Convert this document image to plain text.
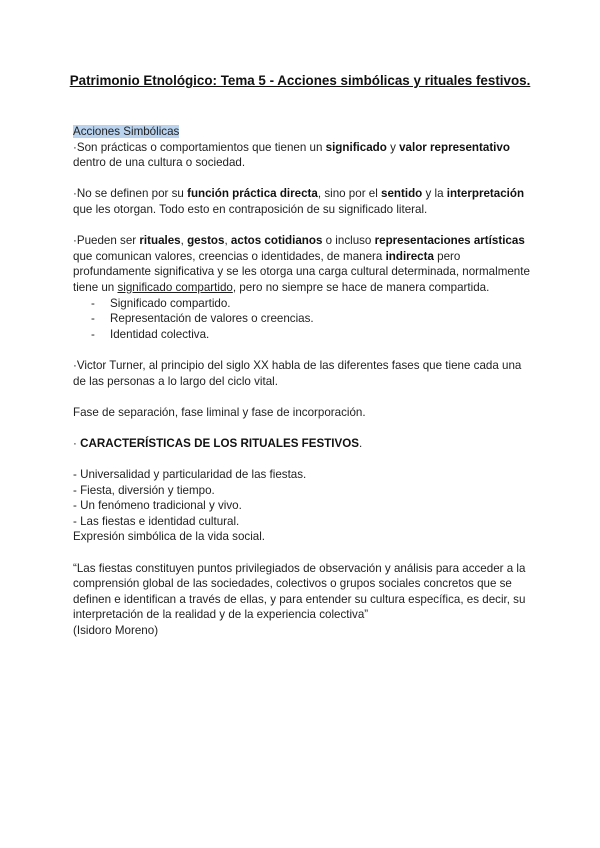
Patrimonio Etnológico: Tema 5 - Acciones simbólicas y rituales festivos.

Acciones Simbólicas

·Son prácticas o comportamientos que tienen un significado y valor representativo dentro de una cultura o sociedad.

·No se definen por su función práctica directa, sino por el sentido y la interpretación que les otorgan. Todo esto en contraposición de su significado literal.

·Pueden ser rituales, gestos, actos cotidianos o incluso representaciones artísticas que comunican valores, creencias o identidades, de manera indirecta pero profundamente significativa y se les otorga una carga cultural determinada, normalmente tiene un significado compartido, pero no siempre se hace de manera compartida.

- Significado compartido.
- Representación de valores o creencias.
- Identidad colectiva.

·Victor Turner, al principio del siglo XX habla de las diferentes fases que tiene cada una de las personas a lo largo del ciclo vital.

Fase de separación, fase liminal y fase de incorporación.

· CARACTERÍSTICAS DE LOS RITUALES FESTIVOS.

- Universalidad y particularidad de las fiestas.

- Fiesta, diversión y tiempo.

- Un fenómeno tradicional y vivo.

- Las fiestas e identidad cultural.

Expresión simbólica de la vida social.

“Las fiestas constituyen puntos privilegiados de observación y análisis para acceder a la comprensión global de las sociedades, colectivos o grupos sociales concretos que se definen e identifican a través de ellas, y para entender su cultura específica, es decir, su interpretación de la realidad y de la experiencia colectiva”

(Isidoro Moreno)
